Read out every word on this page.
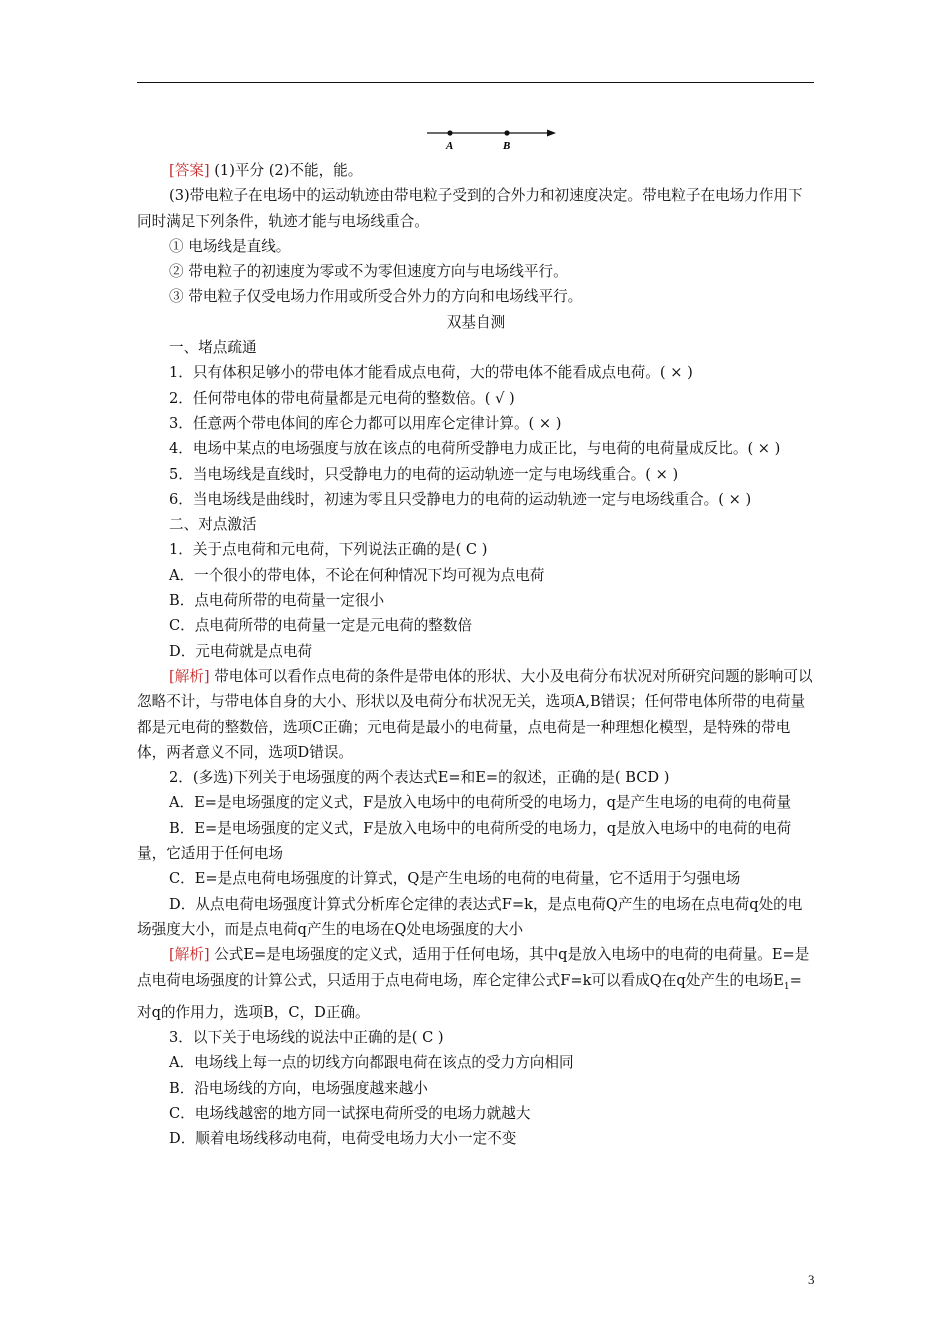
A	B

[答案] (1)平分 (2)不能，能。

(3)带电粒子在电场中的运动轨迹由带电粒子受到的合外力和初速度决定。带电粒子在电场力作用下同时满足下列条件，轨迹才能与电场线重合。

① 电场线是直线。

② 带电粒子的初速度为零或不为零但速度方向与电场线平行。

③ 带电粒子仅受电场力作用或所受合外力的方向和电场线平行。

双基自测

一、堵点疏通

1．只有体积足够小的带电体才能看成点电荷，大的带电体不能看成点电荷。( × )

2．任何带电体的带电荷量都是元电荷的整数倍。( √ )

3．任意两个带电体间的库仑力都可以用库仑定律计算。( × )

4．电场中某点的电场强度与放在该点的电荷所受静电力成正比，与电荷的电荷量成反比。( × )

5．当电场线是直线时，只受静电力的电荷的运动轨迹一定与电场线重合。( × )

6．当电场线是曲线时，初速为零且只受静电力的电荷的运动轨迹一定与电场线重合。( × )

二、对点激活

1．关于点电荷和元电荷，下列说法正确的是( C )

A．一个很小的带电体，不论在何种情况下均可视为点电荷

B．点电荷所带的电荷量一定很小

C．点电荷所带的电荷量一定是元电荷的整数倍

D．元电荷就是点电荷

[解析] 带电体可以看作点电荷的条件是带电体的形状、大小及电荷分布状况对所研究问题的影响可以忽略不计，与带电体自身的大小、形状以及电荷分布状况无关，选项A,B错误；任何带电体所带的电荷量都是元电荷的整数倍，选项C正确；元电荷是最小的电荷量，点电荷是一种理想化模型，是特殊的带电体，两者意义不同，选项D错误。

2．(多选)下列关于电场强度的两个表达式E=和E=的叙述，正确的是( BCD )

A．E=是电场强度的定义式，F是放入电场中的电荷所受的电场力，q是产生电场的电荷的电荷量

B．E=是电场强度的定义式，F是放入电场中的电荷所受的电场力，q是放入电场中的电荷的电荷量，它适用于任何电场

C．E=是点电荷电场强度的计算式，Q是产生电场的电荷的电荷量，它不适用于匀强电场

D．从点电荷电场强度计算式分析库仑定律的表达式F=k，是点电荷Q产生的电场在点电荷q处的电场强度大小，而是点电荷q产生的电场在Q处电场强度的大小

[解析] 公式E=是电场强度的定义式，适用于任何电场，其中q是放入电场中的电荷的电荷量。E=是点电荷电场强度的计算公式，只适用于点电荷电场，库仑定律公式F=k可以看成Q在q处产生的电场$E_1=$对q的作用力，选项B，C，D正确。

3．以下关于电场线的说法中正确的是( C )

A．电场线上每一点的切线方向都跟电荷在该点的受力方向相同

B．沿电场线的方向，电场强度越来越小

C．电场线越密的地方同一试探电荷所受的电场力就越大

D．顺着电场线移动电荷，电荷受电场力大小一定不变

3
